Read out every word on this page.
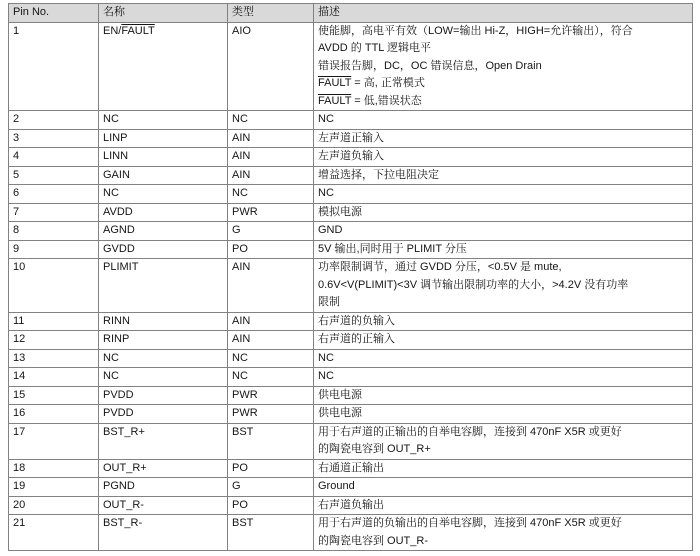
Pin No.	名称	类型	描述
1	EN/FAULT	AIO	使能脚，高电平有效（LOW=输出 Hi-Z，HIGH=允许输出），符合
AVDD 的 TTL 逻辑电平
错误报告脚，DC，OC 错误信息，Open Drain
FAULT = 高, 正常模式
FAULT = 低,错误状态

2	NC	NC	NC
3	LINP	AIN	左声道正输入
4	LINN	AIN	左声道负输入
5	GAIN	AIN	增益选择，下拉电阻决定
6	NC	NC	NC
7	AVDD	PWR	模拟电源
8	AGND	G	GND
9	GVDD	PO	5V 输出,同时用于 PLIMIT 分压
10	PLIMIT	AIN	功率限制调节，通过 GVDD 分压，<0.5V 是 mute,
0.6V<V(PLIMIT)<3V 调节输出限制功率的大小，>4.2V 没有功率
限制
11	RINN	AIN	右声道的负输入
12	RINP	AIN	右声道的正输入
13	NC	NC	NC
14	NC	NC	NC
15	PVDD	PWR	供电电源
16	PVDD	PWR	供电电源
17	BST_R+	BST	用于右声道的正输出的自举电容脚，连接到 470nF X5R 或更好
的陶瓷电容到 OUT_R+
18	OUT_R+	PO	右通道正输出
19	PGND	G	Ground
20	OUT_R-	PO	右声道负输出
21	BST_R-	BST	用于右声道的负输出的自举电容脚，连接到 470nF X5R 或更好
的陶瓷电容到 OUT_R-
